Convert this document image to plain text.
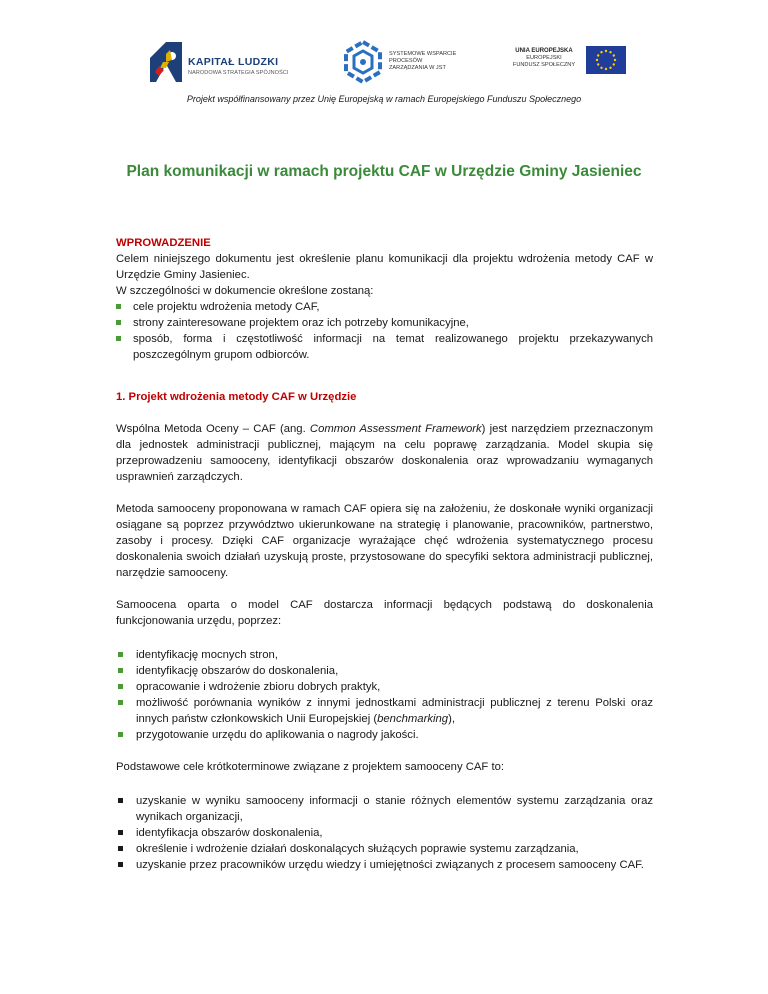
KAPITAŁ LUDZKI
NARODOWA STRATEGIA SPÓJNOŚCI
SYSTEMOWE WSPARCIE
PROCESÓW
ZARZĄDZANIA W JST
UNIA EUROPEJSKA
EUROPEJSKI
FUNDUSZ SPOŁECZNY
Projekt współfinansowany przez Unię Europejską w ramach Europejskiego Funduszu Społecznego
Plan komunikacji w ramach projektu CAF w Urzędzie Gminy Jasieniec
WPROWADZENIE
Celem niniejszego dokumentu jest określenie planu komunikacji dla projektu wdrożenia metody CAF w Urzędzie Gminy Jasieniec.
W szczególności w dokumencie określone zostaną:
cele projektu wdrożenia metody CAF,
strony zainteresowane projektem oraz ich potrzeby komunikacyjne,
sposób, forma i częstotliwość informacji na temat realizowanego projektu przekazywanych poszczególnym grupom odbiorców.
1. Projekt wdrożenia metody CAF w Urzędzie
Wspólna Metoda Oceny – CAF (ang. Common Assessment Framework) jest narzędziem przeznaczonym dla jednostek administracji publicznej, mającym na celu poprawę zarządzania. Model skupia się przeprowadzeniu samooceny, identyfikacji obszarów doskonalenia oraz wprowadzaniu wymaganych usprawnień zarządczych.
Metoda samooceny proponowana w ramach CAF opiera się na założeniu, że doskonałe wyniki organizacji osiągane są poprzez przywództwo ukierunkowane na strategię i planowanie, pracowników, partnerstwo, zasoby i procesy. Dzięki CAF organizacje wyrażające chęć wdrożenia systematycznego procesu doskonalenia swoich działań uzyskują proste, przystosowane do specyfiki sektora administracji publicznej, narzędzie samooceny.
Samoocena oparta o model CAF dostarcza informacji będących podstawą do doskonalenia funkcjonowania urzędu, poprzez:
identyfikację mocnych stron,
identyfikację obszarów do doskonalenia,
opracowanie i wdrożenie zbioru dobrych praktyk,
możliwość porównania wyników z innymi jednostkami administracji publicznej z terenu Polski oraz innych państw członkowskich Unii Europejskiej (benchmarking),
przygotowanie urzędu do aplikowania o nagrody jakości.
Podstawowe cele krótkoterminowe związane z projektem samooceny CAF to:
uzyskanie w wyniku samooceny informacji o stanie różnych elementów systemu zarządzania oraz wynikach organizacji,
identyfikacja obszarów doskonalenia,
określenie i wdrożenie działań doskonalących służących poprawie systemu zarządzania,
uzyskanie przez pracowników urzędu wiedzy i umiejętności związanych z procesem samooceny CAF.
